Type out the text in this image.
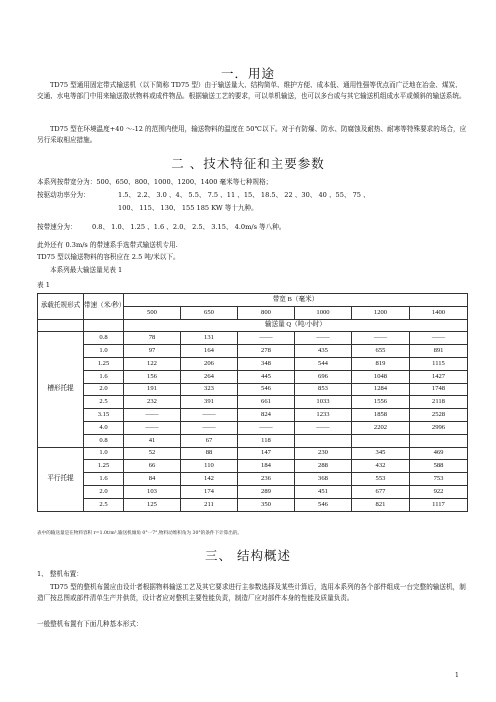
一．用途

TD75 型通用固定带式输送机（以下简称 TD75 型）由于输送量大、结构简单、维护方便、成本低、通用性强等优点而广泛地在冶金、煤炭、交通、水电等部门中用来输送散状物料或成件物品。根据输送工艺的要求，可以单机输送，也可以多台或与其它输送机组成水平或倾斜的输送系统。

TD75 型在环境温度+40 ～-12 的范围内使用，输送物料的温度在 50℃以下。对于有防爆、防水、防腐蚀及耐热、耐寒等特殊要求的场合，应另行采取相应措施。

二 、技术特征和主要参数
本系列按带宽分为：500、650、800、1000、1200、1400 毫米等七种规格；
按驱动功率分为：	1.5、 2.2、 3.0 、4、 5.5、 7.5 、11 、15、 18.5、 22 、30、 40 、55、 75 、
100、 115、 130、 155 185 KW 等十九种。
按带速分为： 0.8、 1.0、 1.25 、1.6 、2.0、 2.5、 3.15、 4.0m/s 等八种。
此外还有 0.3m/s 的带速系手选带式输送机专用.
TD75 型以输送物料的容积应在 2.5 吨/米以下。
本系列最大输送量见表 1
表 1
承载托规形式	带速（米/秒）	带宽 B（毫米）					
		500	650	800	1000	1200	1400
		输送量 Q（吨/小时）					
槽形托辊	0.8	78	131	——	——	——	——
	1.0	97	164	278	435	655	891
	1.25	122	206	348	544	819	1115
	1.6	156	264	445	696	1048	1427
	2.0	191	323	546	853	1284	1748
	2.5	232	391	661	1033	1556	2118
	3.15	——	——	824	1233	1858	2528
	4.0	——	——	——	——	2202	2996
	0.8	41	67	118			
平行托辊	1.0	52	88	147	230	345	469
	1.25	66	110	184	288	432	588
	1.6	84	142	236	368	553	753
	2.0	103	174	289	451	677	922
	2.5	125	211	350	546	821	1117
表中的输送量是在物料容积 r=1.0t/m³,输送机倾角 0°一7°,物料动堆积角为 30°的条件下计算出的。
三、 结构概述
1、 整机布置：

TD75 型的整机布置应由设计者根据物料输送工艺及其它要求进行主参数选择及某些计算后，选用本系列的各个部件组成一台完整的输送机，制造厂按总图或部件清单生产并供货，设计者应对整机主要性能负责，制造厂应对部件本身的性能及质量负责。

一般整机布置有下面几种基本形式：
1
